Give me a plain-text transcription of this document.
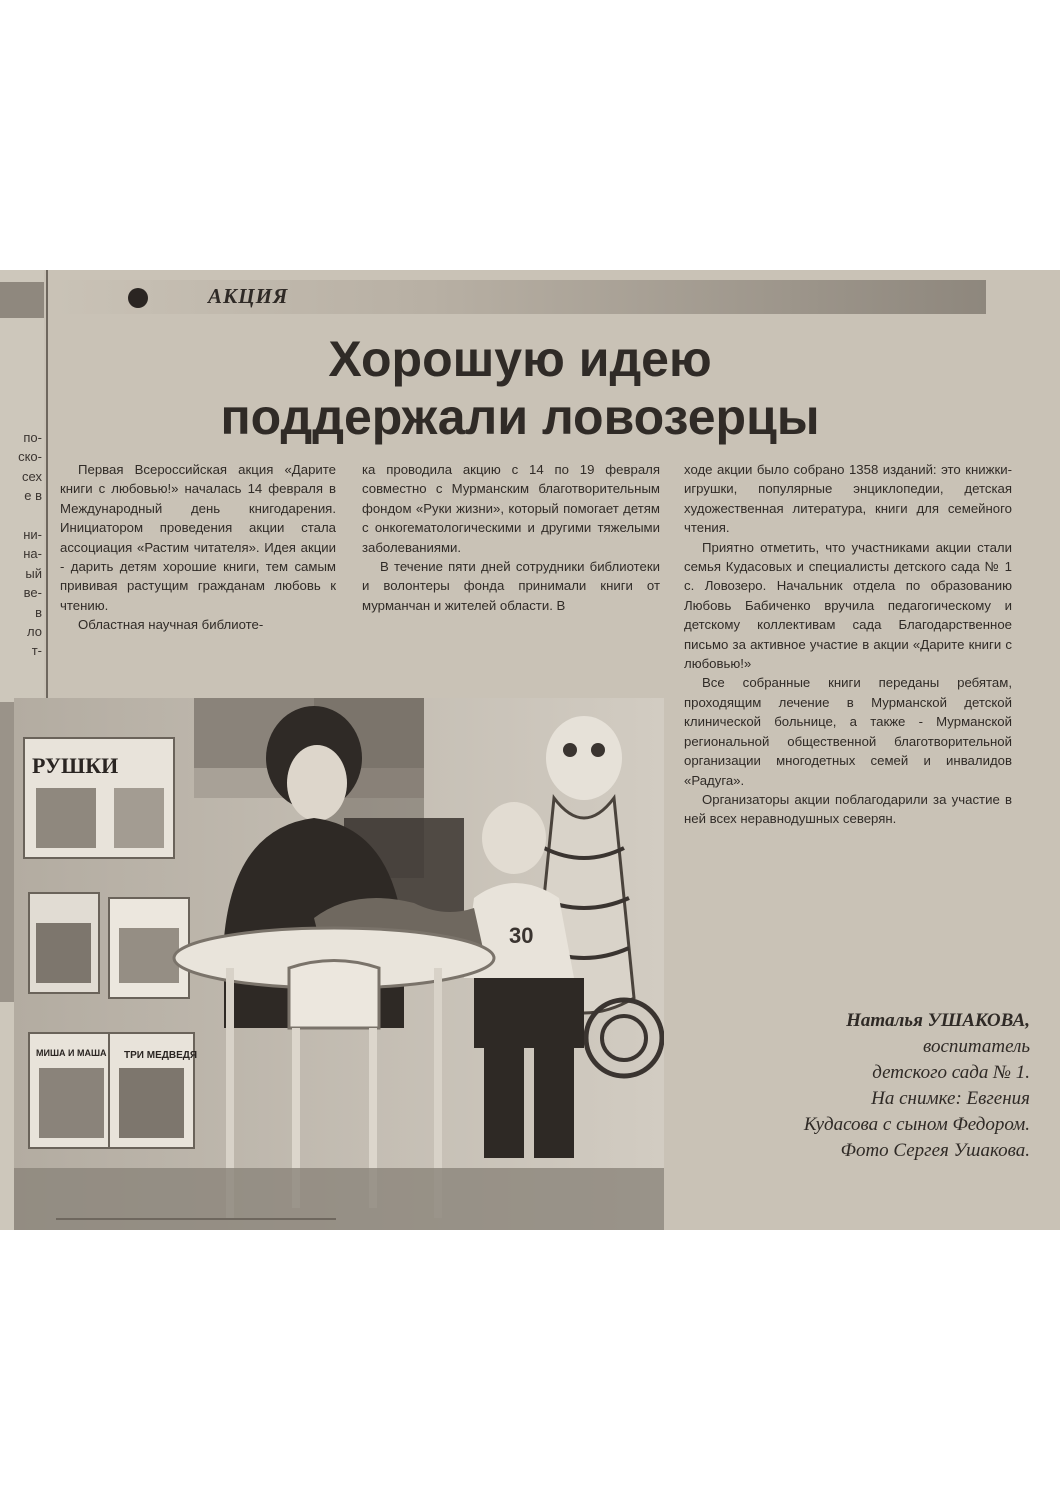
по-
ско-
сех
е в

ни-
на-
ый
ве-
в
ло
т-
АКЦИЯ
Хорошую идею
поддержали ловозерцы

Первая Всероссийская акция «Дарите книги с любовью!» началась 14 февраля в Международный день книгодарения. Инициатором проведения акции стала ассоциация «Растим читателя». Идея акции - дарить детям хорошие книги, тем самым прививая растущим гражданам любовь к чтению.

Областная научная библиоте-

ка проводила акцию с 14 по 19 февраля совместно с Мурманским благотворительным фондом «Руки жизни», который помогает детям с онкогематологическими и другими тяжелыми заболеваниями.

В течение пяти дней сотрудники библиотеки и волонтеры фонда принимали книги от мурманчан и жителей области. В

ходе акции было собрано 1358 изданий: это книжки-игрушки, популярные энциклопедии, детская художественная литература, книги для семейного чтения.

Приятно отметить, что участниками акции стали семья Кудасовых и специалисты детского сада № 1 с. Ловозеро. Начальник отдела по образованию Любовь Бабиченко вручила педагогическому и детскому коллективам сада Благодарственное письмо за активное участие в акции «Дарите книги с любовью!»

Все собранные книги переданы ребятам, проходящим лечение в Мурманской детской клинической больнице, а также - Мурманской региональной общественной благотворительной организации многодетных семей и инвалидов «Радуга».

Организаторы акции поблагодарили за участие в ней всех неравнодушных северян.

РУШКИ
МИША И МАША ТРИ МЕДВЕДЯ
30
Наталья УШАКОВА,
воспитатель
детского сада № 1.
На снимке: Евгения
Кудасова с сыном Федором.
Фото Сергея Ушакова.
